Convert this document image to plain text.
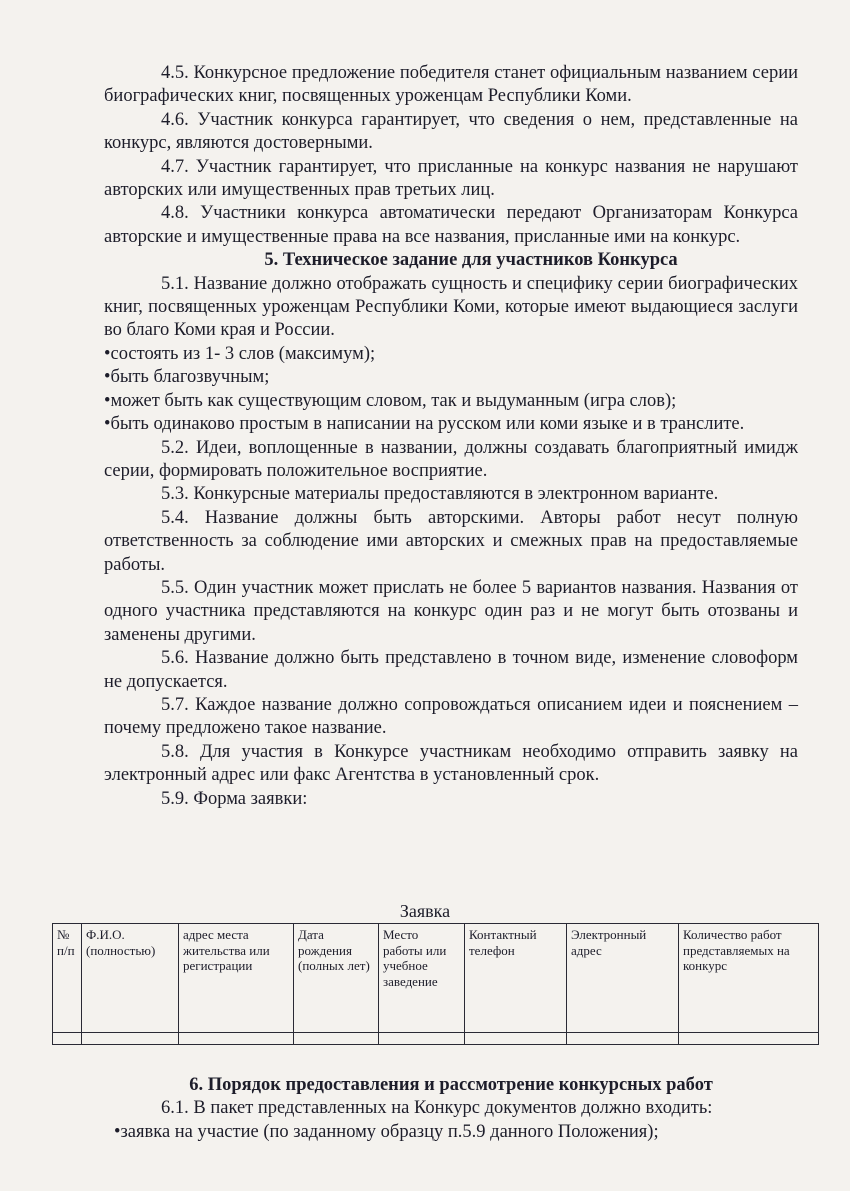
4.5. Конкурсное предложение победителя станет официальным названием серии биографических книг, посвященных уроженцам Республики Коми.

4.6. Участник конкурса гарантирует, что сведения о нем, представленные на конкурс, являются достоверными.

4.7. Участник гарантирует, что присланные на конкурс названия не нарушают авторских или имущественных прав третьих лиц.

4.8. Участники конкурса автоматически передают Организаторам Конкурса авторские и имущественные права на все названия, присланные ими на конкурс.

5. Техническое задание для участников Конкурса

5.1. Название должно отображать сущность и специфику серии биографических книг, посвященных уроженцам Республики Коми, которые имеют выдающиеся заслуги во благо Коми края и России.

•состоять из 1- 3 слов (максимум);

•быть благозвучным;

•может быть как существующим словом, так и выдуманным (игра слов);

•быть одинаково простым в написании на русском или коми языке и в транслите.

5.2. Идеи, воплощенные в названии, должны создавать благоприятный имидж серии, формировать положительное восприятие.

5.3. Конкурсные материалы предоставляются в электронном варианте.

5.4. Название должны быть авторскими. Авторы работ несут полную ответственность за соблюдение ими авторских и смежных прав на предоставляемые работы.

5.5. Один участник может прислать не более 5 вариантов названия. Названия от одного участника представляются на конкурс один раз и не могут быть отозваны и заменены другими.

5.6. Название должно быть представлено в точном виде, изменение словоформ не допускается.

5.7. Каждое название должно сопровождаться описанием идеи и пояснением – почему предложено такое название.

5.8. Для участия в Конкурсе участникам необходимо отправить заявку на электронный адрес или факс Агентства в установленный срок.

5.9. Форма заявки:

Заявка
№ п/п	Ф.И.О. (полностью)	адрес места жительства или регистрации	Дата рождения (полных лет)	Место работы или учебное заведение	Контактный телефон	Электронный адрес	Количество работ представляемых на конкурс

6. Порядок предоставления и рассмотрение конкурсных работ

6.1. В пакет представленных на Конкурс документов должно входить:

•заявка на участие (по заданному образцу п.5.9 данного Положения);
